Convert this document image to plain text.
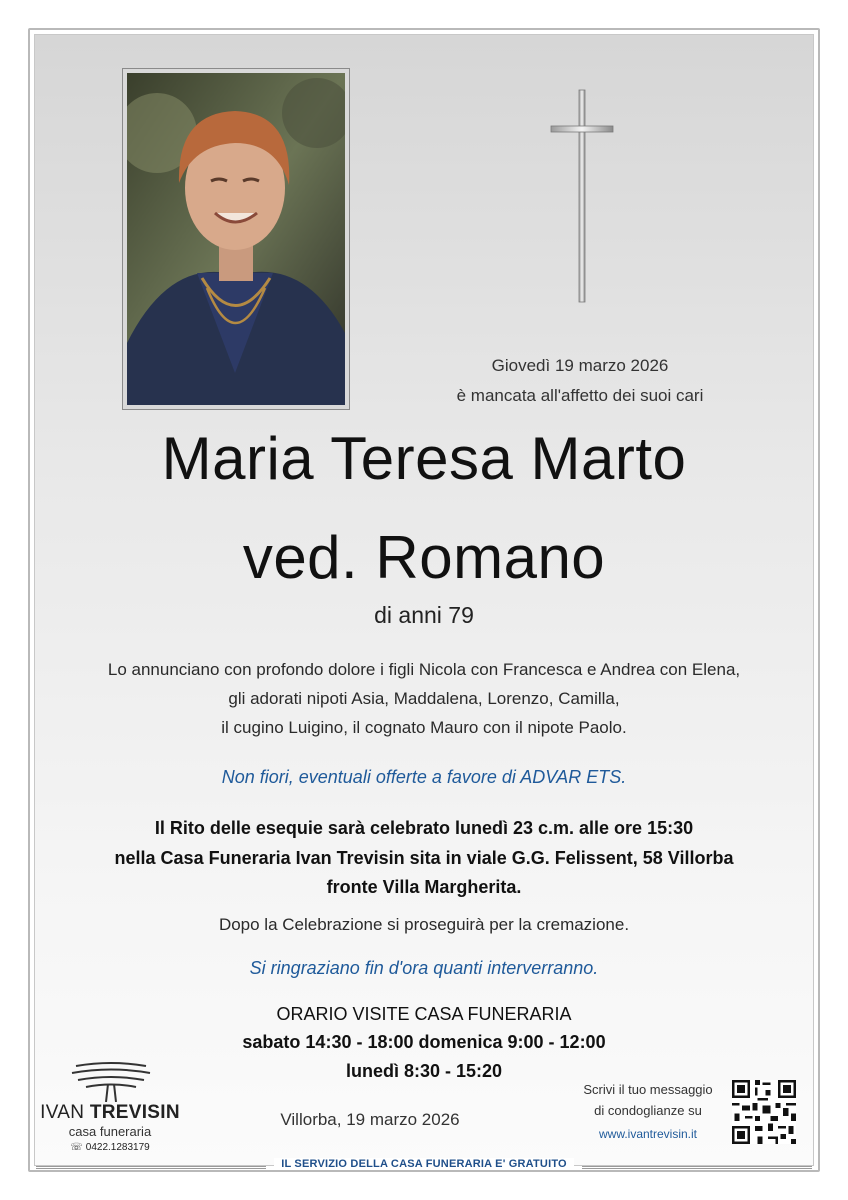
Giovedì 19 marzo 2026
è mancata all'affetto dei suoi cari
Maria Teresa Marto
ved. Romano
di anni 79
Lo annunciano con profondo dolore i figli Nicola con Francesca e Andrea con Elena,
gli adorati nipoti Asia, Maddalena, Lorenzo, Camilla,
il cugino Luigino, il cognato Mauro con il nipote Paolo.
Non fiori, eventuali offerte a favore di ADVAR ETS.
Il Rito delle esequie sarà celebrato lunedì 23 c.m. alle ore 15:30
nella Casa Funeraria Ivan Trevisin sita in viale G.G. Felissent, 58 Villorba
fronte Villa Margherita.
Dopo la Celebrazione si proseguirà per la cremazione.
Si ringraziano fin d'ora quanti interverranno.
ORARIO VISITE CASA FUNERARIA
sabato 14:30 - 18:00 domenica 9:00 - 12:00
lunedì 8:30 - 15:20
IVAN TREVISIN
casa funeraria
☏ 0422.1283179
Villorba, 19 marzo 2026
Scrivi il tuo messaggio
di condoglianze su
www.ivantrevisin.it
IL SERVIZIO DELLA CASA FUNERARIA E' GRATUITO
